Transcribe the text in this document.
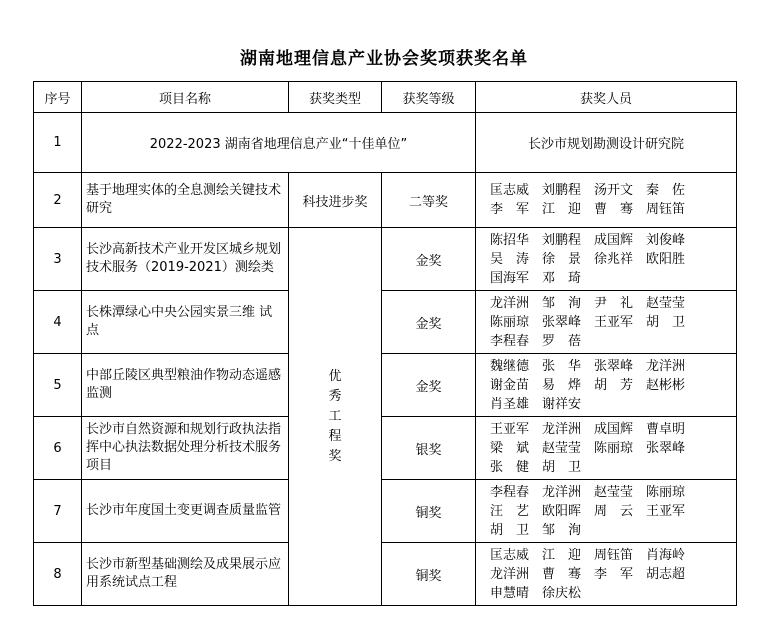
湖南地理信息产业协会奖项获奖名单
序号	项目名称	获奖类型	获奖等级	获奖人员
1	2022-2023 湖南省地理信息产业“十佳单位”			长沙市规划勘测设计研究院
2	基于地理实体的全息测绘关键技术研究	科技进步奖	二等奖	匡志威　刘鹏程　汤开文　秦　佐
李　军　江　迎　曹　骞　周钰笛

3	长沙高新技术产业开发区城乡规划技术服务（2019-2021）测绘类	优秀工程奖	金奖	陈招华　刘鹏程　成国辉　刘俊峰
吴　涛　徐　景　徐兆祥　欧阳胜
国海军　邓　琦

4	长株潭绿心中央公园实景三维 试点		金奖	龙洋洲　邹　洵　尹　礼　赵莹莹
陈丽琼　张翠峰　王亚军　胡　卫
李程春　罗　蓓

5	中部丘陵区典型粮油作物动态遥感监测		金奖	魏继德　张　华　张翠峰　龙洋洲
谢金苗　易　烨　胡　芳　赵彬彬
肖圣雄　谢祥安

6	长沙市自然资源和规划行政执法指挥中心执法数据处理分析技术服务项目		银奖	王亚军　龙洋洲　成国辉　曹卓明
梁　斌　赵莹莹　陈丽琼　张翠峰
张　健　胡　卫

7	长沙市年度国土变更调查质量监管		铜奖	李程春　龙洋洲　赵莹莹　陈丽琼
汪　艺　欧阳晖　周　云　王亚军
胡　卫　邹　洵

8	长沙市新型基础测绘及成果展示应用系统试点工程		铜奖	匡志威　江　迎　周钰笛　肖海岭
龙洋洲　曹　骞　李　军　胡志超
申慧晴　徐庆松
